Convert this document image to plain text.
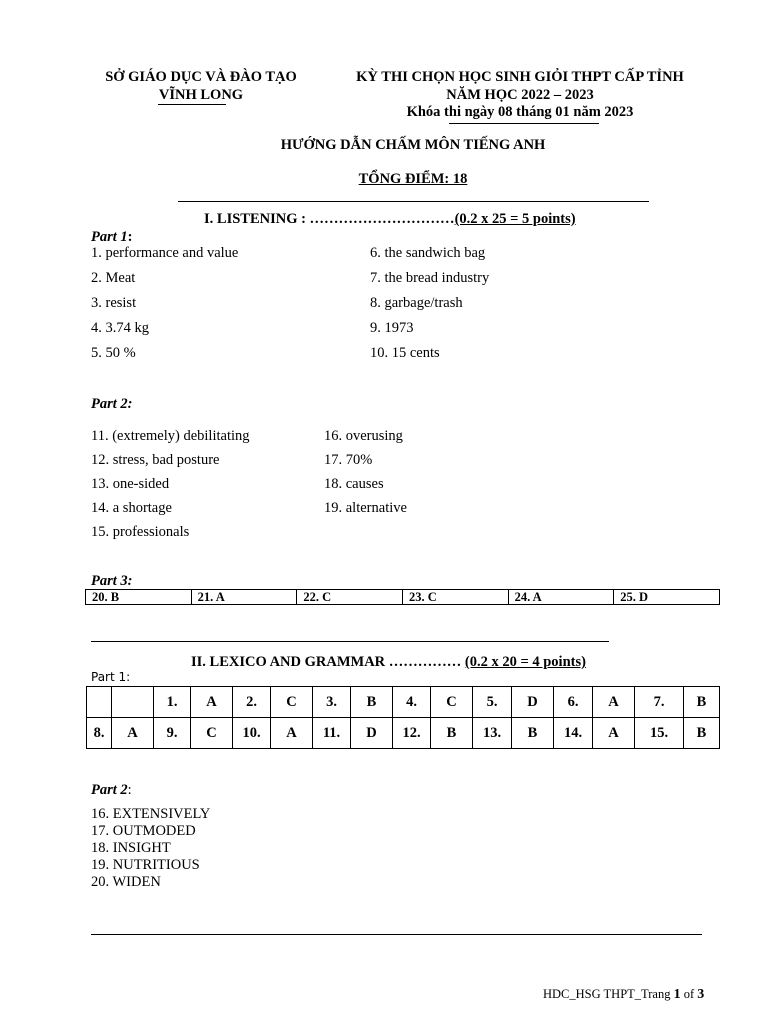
SỞ GIÁO DỤC VÀ ĐÀO TẠO
VĨNH LONG
KỲ THI CHỌN HỌC SINH GIỎI THPT CẤP TỈNH
NĂM HỌC 2022 – 2023
Khóa thi ngày 08 tháng 01 năm 2023
HƯỚNG DẪN CHẤM MÔN TIẾNG ANH
TỔNG ĐIỂM: 18
I. LISTENING : …………………………(0.2 x 25 = 5 points)
Part 1:
1. performance and value
2. Meat
3. resist
4. 3.74 kg
5. 50 %
6. the sandwich bag
7. the bread industry
8. garbage/trash
9. 1973
10. 15 cents
Part 2:
11. (extremely) debilitating
12. stress, bad posture
13. one-sided
14. a shortage
15. professionals
16. overusing
17. 70%
18. causes
19. alternative
Part 3:
20. B	21. A	22. C	23. C	24. A	25. D
II. LEXICO AND GRAMMAR …………… (0.2 x 20 = 4 points)
Part 1:
		1.	A	2.	C	3.	B	4.	C	5.	D	6.	A	7.	B
8.	A	9.	C	10.	A	11.	D	12.	B	13.	B	14.	A	15.	B
Part 2:
16. EXTENSIVELY
17. OUTMODED
18. INSIGHT
19. NUTRITIOUS
20. WIDEN
HDC_HSG THPT_Trang 1 of 3
